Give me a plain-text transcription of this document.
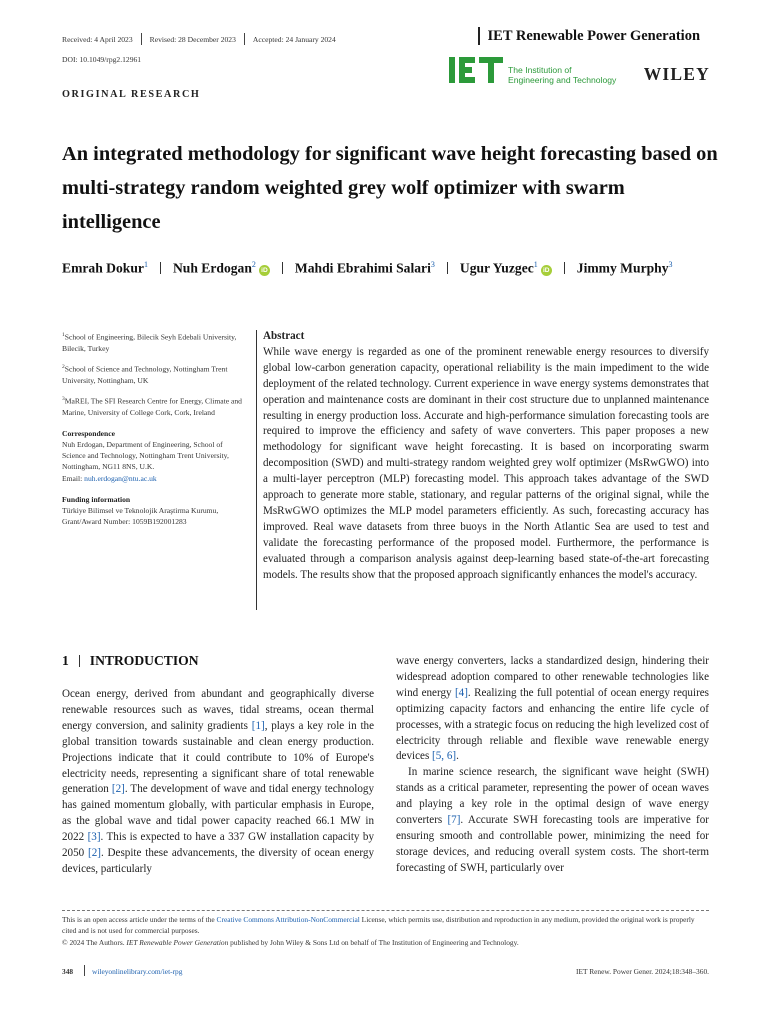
Received: 4 April 2023 Revised: 28 December 2023 Accepted: 24 January 2024
DOI: 10.1049/rpg2.12961
IET Renewable Power Generation
The Institution of
Engineering and Technology WILEY
ORIGINAL RESEARCH
An integrated methodology for significant wave height forecasting based on multi-strategy random weighted grey wolf optimizer with swarm intelligence
Emrah Dokur$^1$ Nuh Erdogan$^2$iD Mahdi Ebrahimi Salari$^3$ Ugur Yuzgec$^1$iD Jimmy Murphy$^3$
$^1$School of Engineering, Bilecik Seyh Edebali University, Bilecik, Turkey
$^2$School of Science and Technology, Nottingham Trent University, Nottingham, UK
$^3$MaREI, The SFI Research Centre for Energy, Climate and Marine, University of College Cork, Cork, Ireland
Correspondence
Nuh Erdogan, Department of Engineering, School of Science and Technology, Nottingham Trent University, Nottingham, NG11 8NS, U.K.
Email: nuh.erdogan@ntu.ac.uk
Funding information
Türkiye Bilimsel ve Teknolojik Araştirma Kurumu, Grant/Award Number: 1059B192001283
Abstract
While wave energy is regarded as one of the prominent renewable energy resources to diversify global low-carbon generation capacity, operational reliability is the main impediment to the wide deployment of the related technology. Current experience in wave energy systems demonstrates that operation and maintenance costs are dominant in their cost structure due to unplanned maintenance resulting in energy production loss. Accurate and high-performance simulation forecasting tools are required to improve the efficiency and safety of wave converters. This paper proposes a new methodology for significant wave height forecasting. It is based on incorporating swarm decomposition (SWD) and multi-strategy random weighted grey wolf optimizer (MsRwGWO) into a multi-layer perceptron (MLP) forecasting model. This approach takes advantage of the SWD approach to generate more stable, stationary, and regular patterns of the original signal, while the MsRwGWO optimizes the MLP model parameters efficiently. As such, forecasting accuracy has improved. Real wave datasets from three buoys in the North Atlantic Sea are used to test and validate the forecasting performance of the proposed model. Furthermore, the performance is evaluated through a comparison analysis against deep-learning based state-of-the-art forecasting models. The results show that the proposed approach significantly enhances the model's accuracy.
1 INTRODUCTION

Ocean energy, derived from abundant and geographically diverse renewable resources such as waves, tidal streams, ocean thermal energy conversion, and salinity gradients [1], plays a key role in the global transition towards sustainable and clean energy production. Projections indicate that it could contribute to 10% of Europe's electricity needs, representing a significant share of total renewable generation [2]. The development of wave and tidal energy technology has gained momentum globally, with particular emphasis in Europe, as the global wave and tidal power capacity reached 66.1 MW in 2022 [3]. This is expected to have a 337 GW installation capacity by 2050 [2]. Despite these advancements, the diversity of ocean energy devices, particularly

wave energy converters, lacks a standardized design, hindering their widespread adoption compared to other renewable technologies like wind energy [4]. Realizing the full potential of ocean energy requires optimizing capacity factors and enhancing the entire life cycle of processes, with a strategic focus on reducing the high levelized cost of electricity through reliable and flexible wave renewable energy devices [5, 6].

In marine science research, the significant wave height (SWH) stands as a critical parameter, representing the power of ocean waves and playing a key role in the optimal design of wave energy converters [7]. Accurate SWH forecasting tools are imperative for ensuring smooth and controllable power, minimizing the need for storage devices, and reducing overall system costs. The short-term forecasting of SWH, particularly over

This is an open access article under the terms of the Creative Commons Attribution-NonCommercial License, which permits use, distribution and reproduction in any medium, provided the original work is properly cited and is not used for commercial purposes.

© 2024 The Authors. IET Renewable Power Generation published by John Wiley & Sons Ltd on behalf of The Institution of Engineering and Technology.

348	wileyonlinelibrary.com/iet-rpg	IET Renew. Power Gener. 2024;18:348–360.
